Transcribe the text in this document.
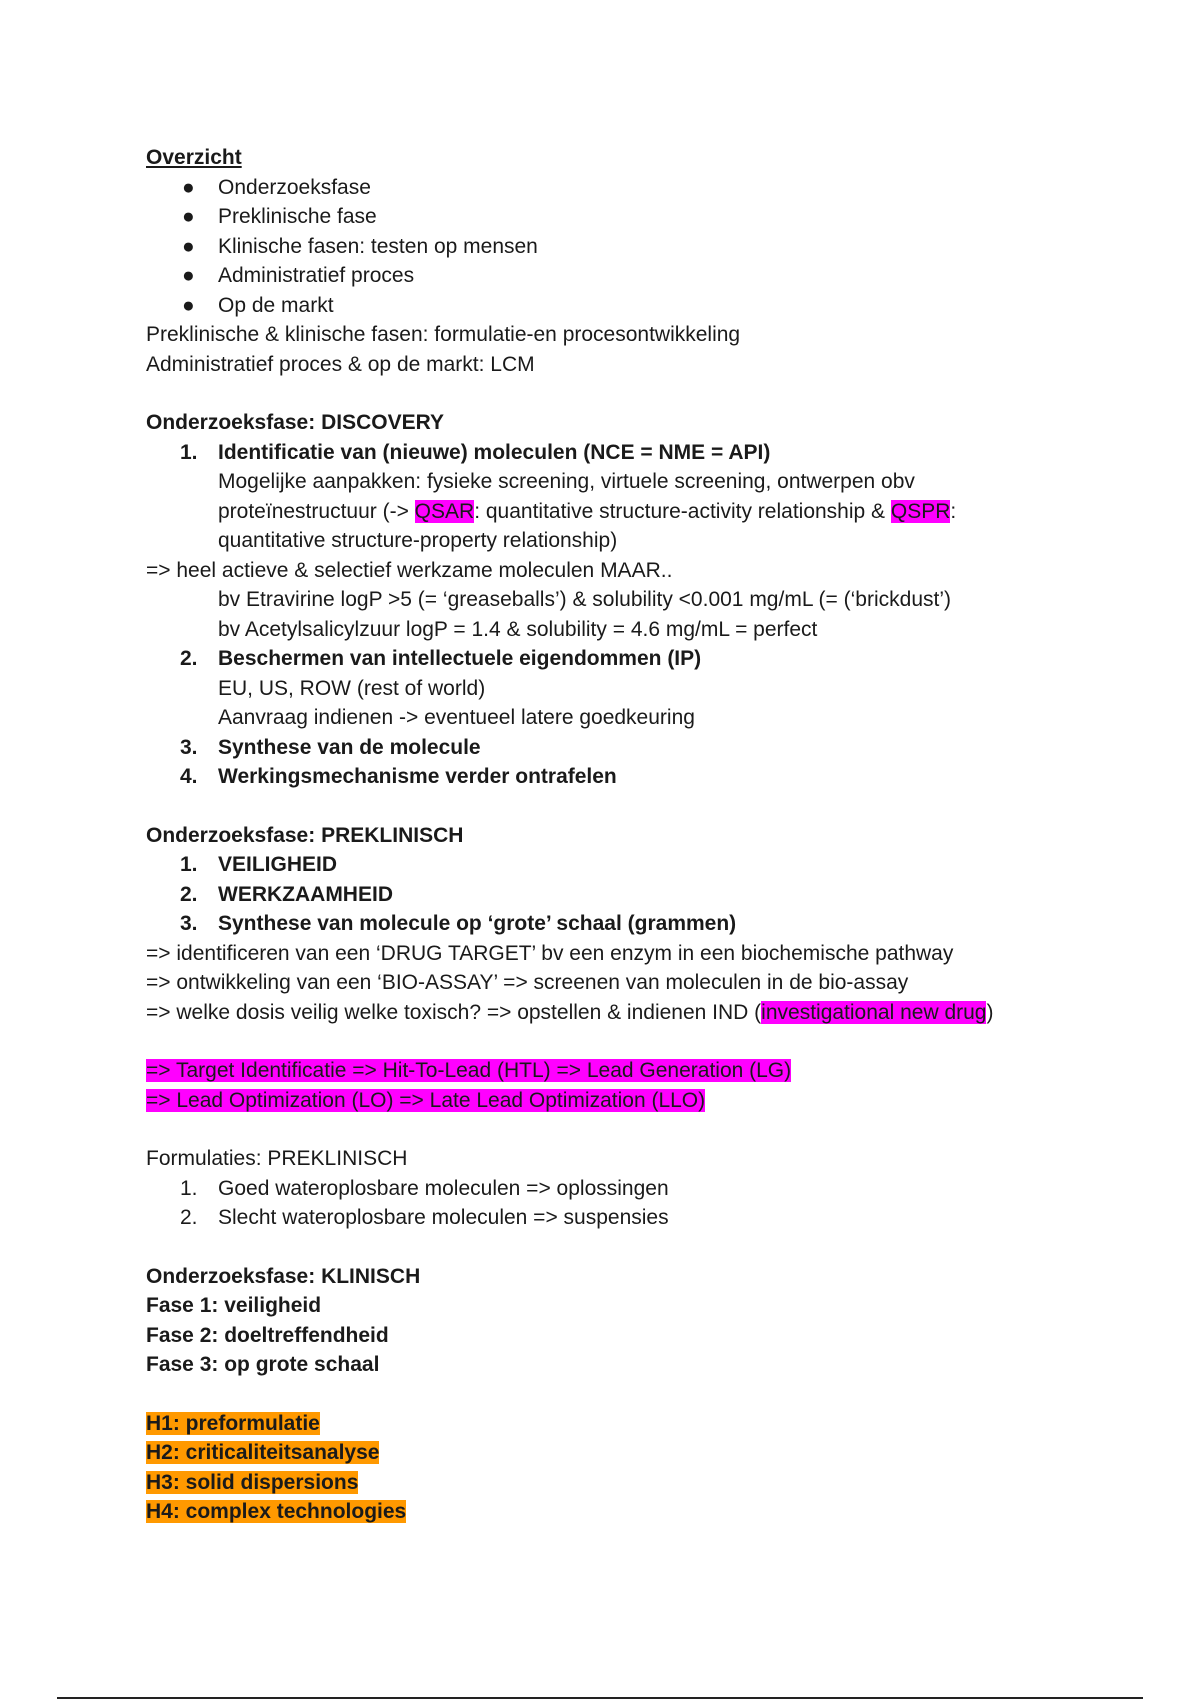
Overzicht
●	Onderzoeksfase
●	Preklinische fase
●	Klinische fasen: testen op mensen
●	Administratief proces
●	Op de markt
Preklinische & klinische fasen: formulatie-en procesontwikkeling
Administratief proces & op de markt: LCM
Onderzoeksfase: DISCOVERY
1. Identificatie van (nieuwe) moleculen (NCE = NME = API)
Mogelijke aanpakken: fysieke screening, virtuele screening, ontwerpen obv
proteïnestructuur (-> QSAR: quantitative structure-activity relationship & QSPR:
quantitative structure-property relationship)
=> heel actieve & selectief werkzame moleculen MAAR..
bv Etravirine logP >5 (= ‘greaseballs’) & solubility <0.001 mg/mL (= (‘brickdust’)
bv Acetylsalicylzuur logP = 1.4 & solubility = 4.6 mg/mL = perfect
2. Beschermen van intellectuele eigendommen (IP)
EU, US, ROW (rest of world)
Aanvraag indienen -> eventueel latere goedkeuring
3. Synthese van de molecule
4. Werkingsmechanisme verder ontrafelen
Onderzoeksfase: PREKLINISCH
1. VEILIGHEID
2. WERKZAAMHEID
3. Synthese van molecule op ‘grote’ schaal (grammen)
=> identificeren van een ‘DRUG TARGET’ bv een enzym in een biochemische pathway
=> ontwikkeling van een ‘BIO-ASSAY’ => screenen van moleculen in de bio-assay
=> welke dosis veilig welke toxisch? => opstellen & indienen IND (investigational new drug)
=> Target Identificatie => Hit-To-Lead (HTL) => Lead Generation (LG)
=> Lead Optimization (LO) => Late Lead Optimization (LLO)
Formulaties: PREKLINISCH
1. Goed wateroplosbare moleculen => oplossingen
2. Slecht wateroplosbare moleculen => suspensies
Onderzoeksfase: KLINISCH
Fase 1: veiligheid
Fase 2: doeltreffendheid
Fase 3: op grote schaal
H1: preformulatie
H2: criticaliteitsanalyse
H3: solid dispersions
H4: complex technologies
